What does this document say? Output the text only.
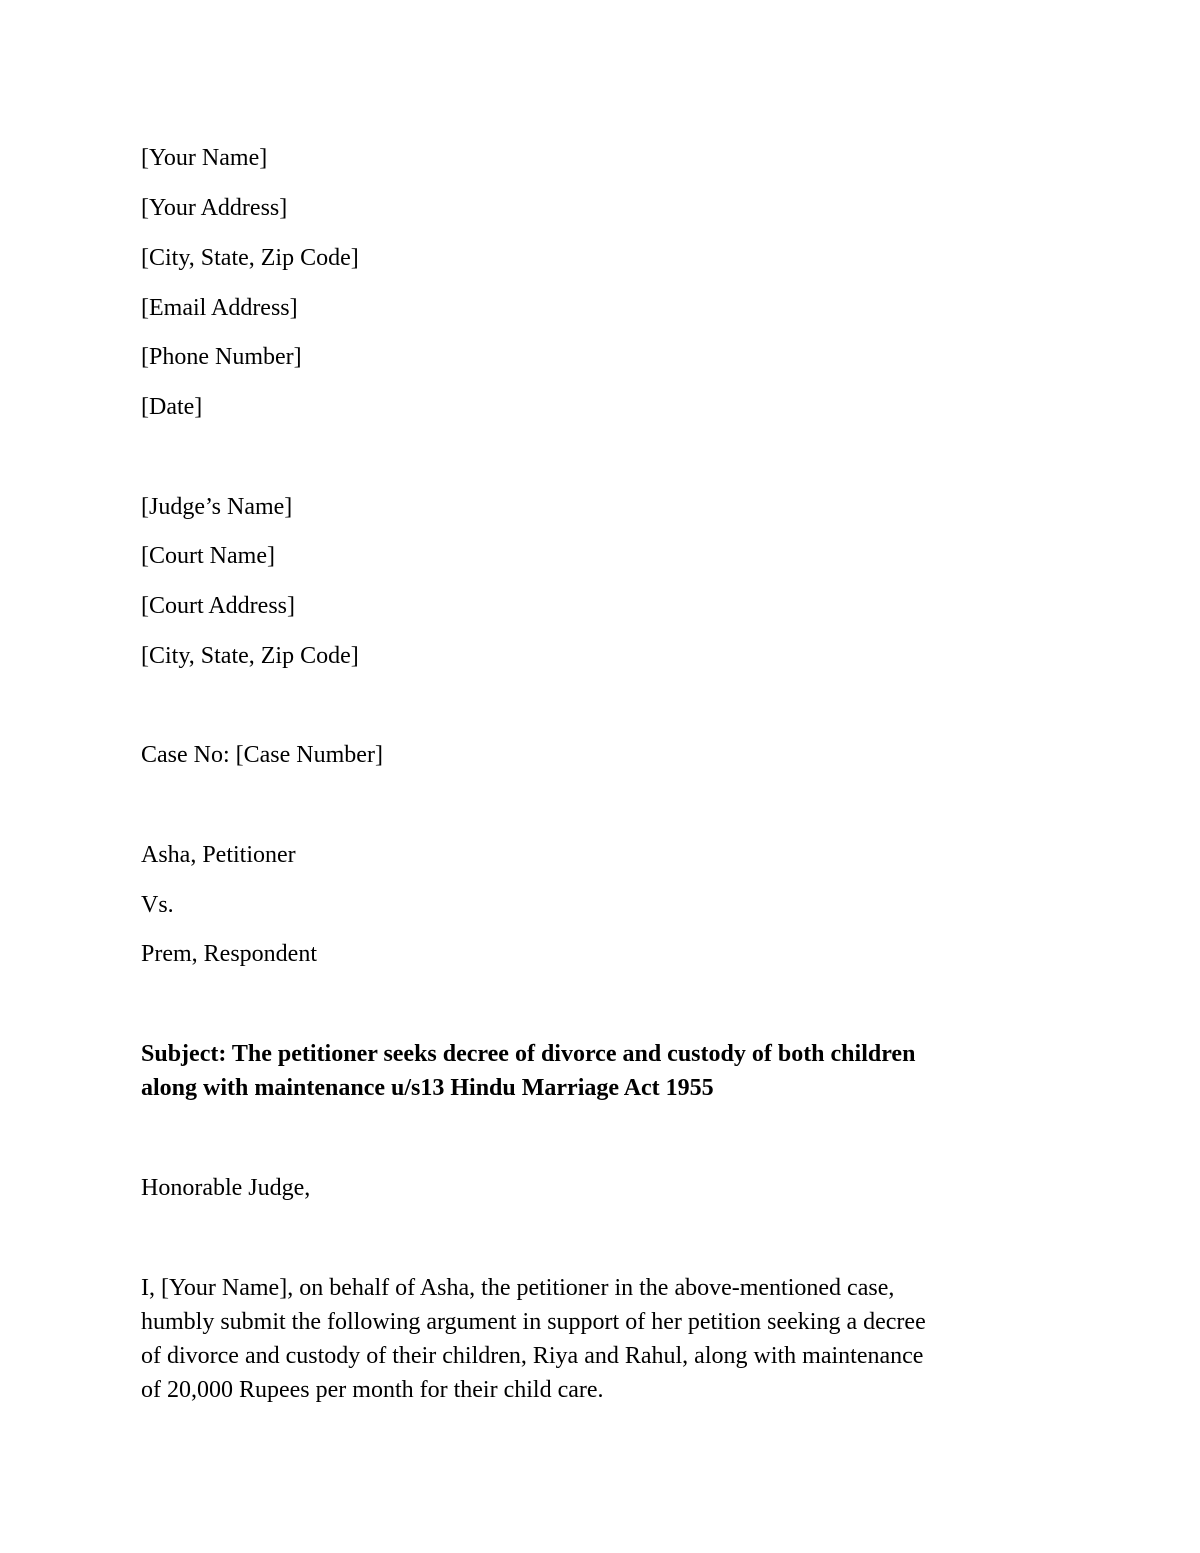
[Your Name]
[Your Address]
[City, State, Zip Code]
[Email Address]
[Phone Number]
[Date]
[Judge’s Name]
[Court Name]
[Court Address]
[City, State, Zip Code]
Case No: [Case Number]
Asha, Petitioner
Vs.
Prem, Respondent
Subject: The petitioner seeks decree of divorce and custody of both children
along with maintenance u/s13 Hindu Marriage Act 1955
Honorable Judge,
I, [Your Name], on behalf of Asha, the petitioner in the above-mentioned case,
humbly submit the following argument in support of her petition seeking a decree
of divorce and custody of their children, Riya and Rahul, along with maintenance
of 20,000 Rupees per month for their child care.
